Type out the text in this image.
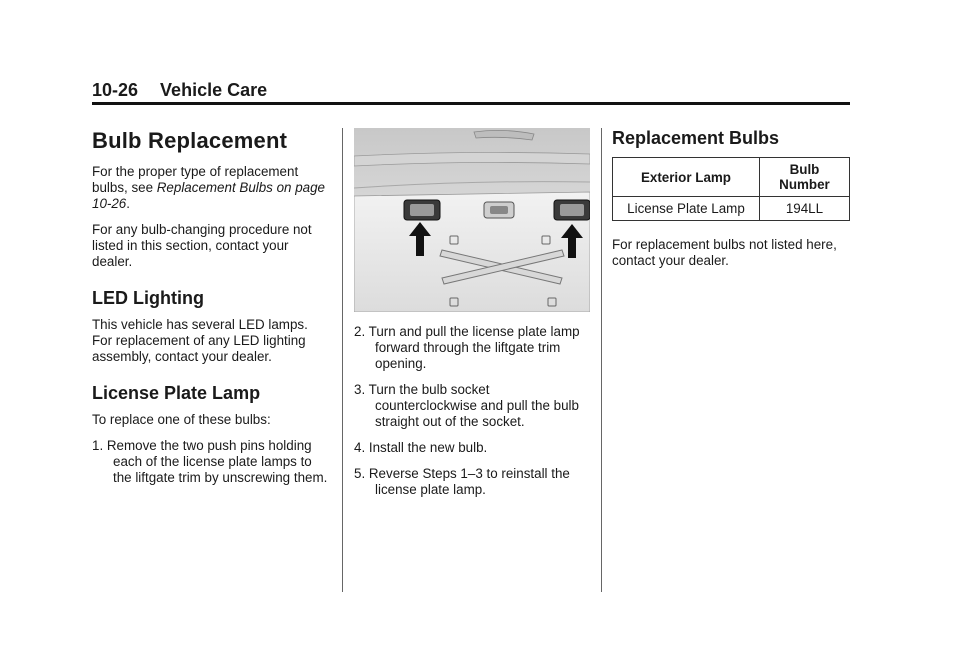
10-26 Vehicle Care
Bulb Replacement

For the proper type of replacement bulbs, see Replacement Bulbs on page 10-26.

For any bulb-changing procedure not listed in this section, contact your dealer.

LED Lighting

This vehicle has several LED lamps. For replacement of any LED lighting assembly, contact your dealer.

License Plate Lamp

To replace one of these bulbs:

1. Remove the two push pins holding each of the license plate lamps to the liftgate trim by unscrewing them.
2. Turn and pull the license plate lamp forward through the liftgate trim opening.
3. Turn the bulb socket counterclockwise and pull the bulb straight out of the socket.
4. Install the new bulb.
5. Reverse Steps 1–3 to reinstall the license plate lamp.
Replacement Bulbs
Exterior Lamp	Bulb Number
License Plate Lamp	194LL

For replacement bulbs not listed here, contact your dealer.
